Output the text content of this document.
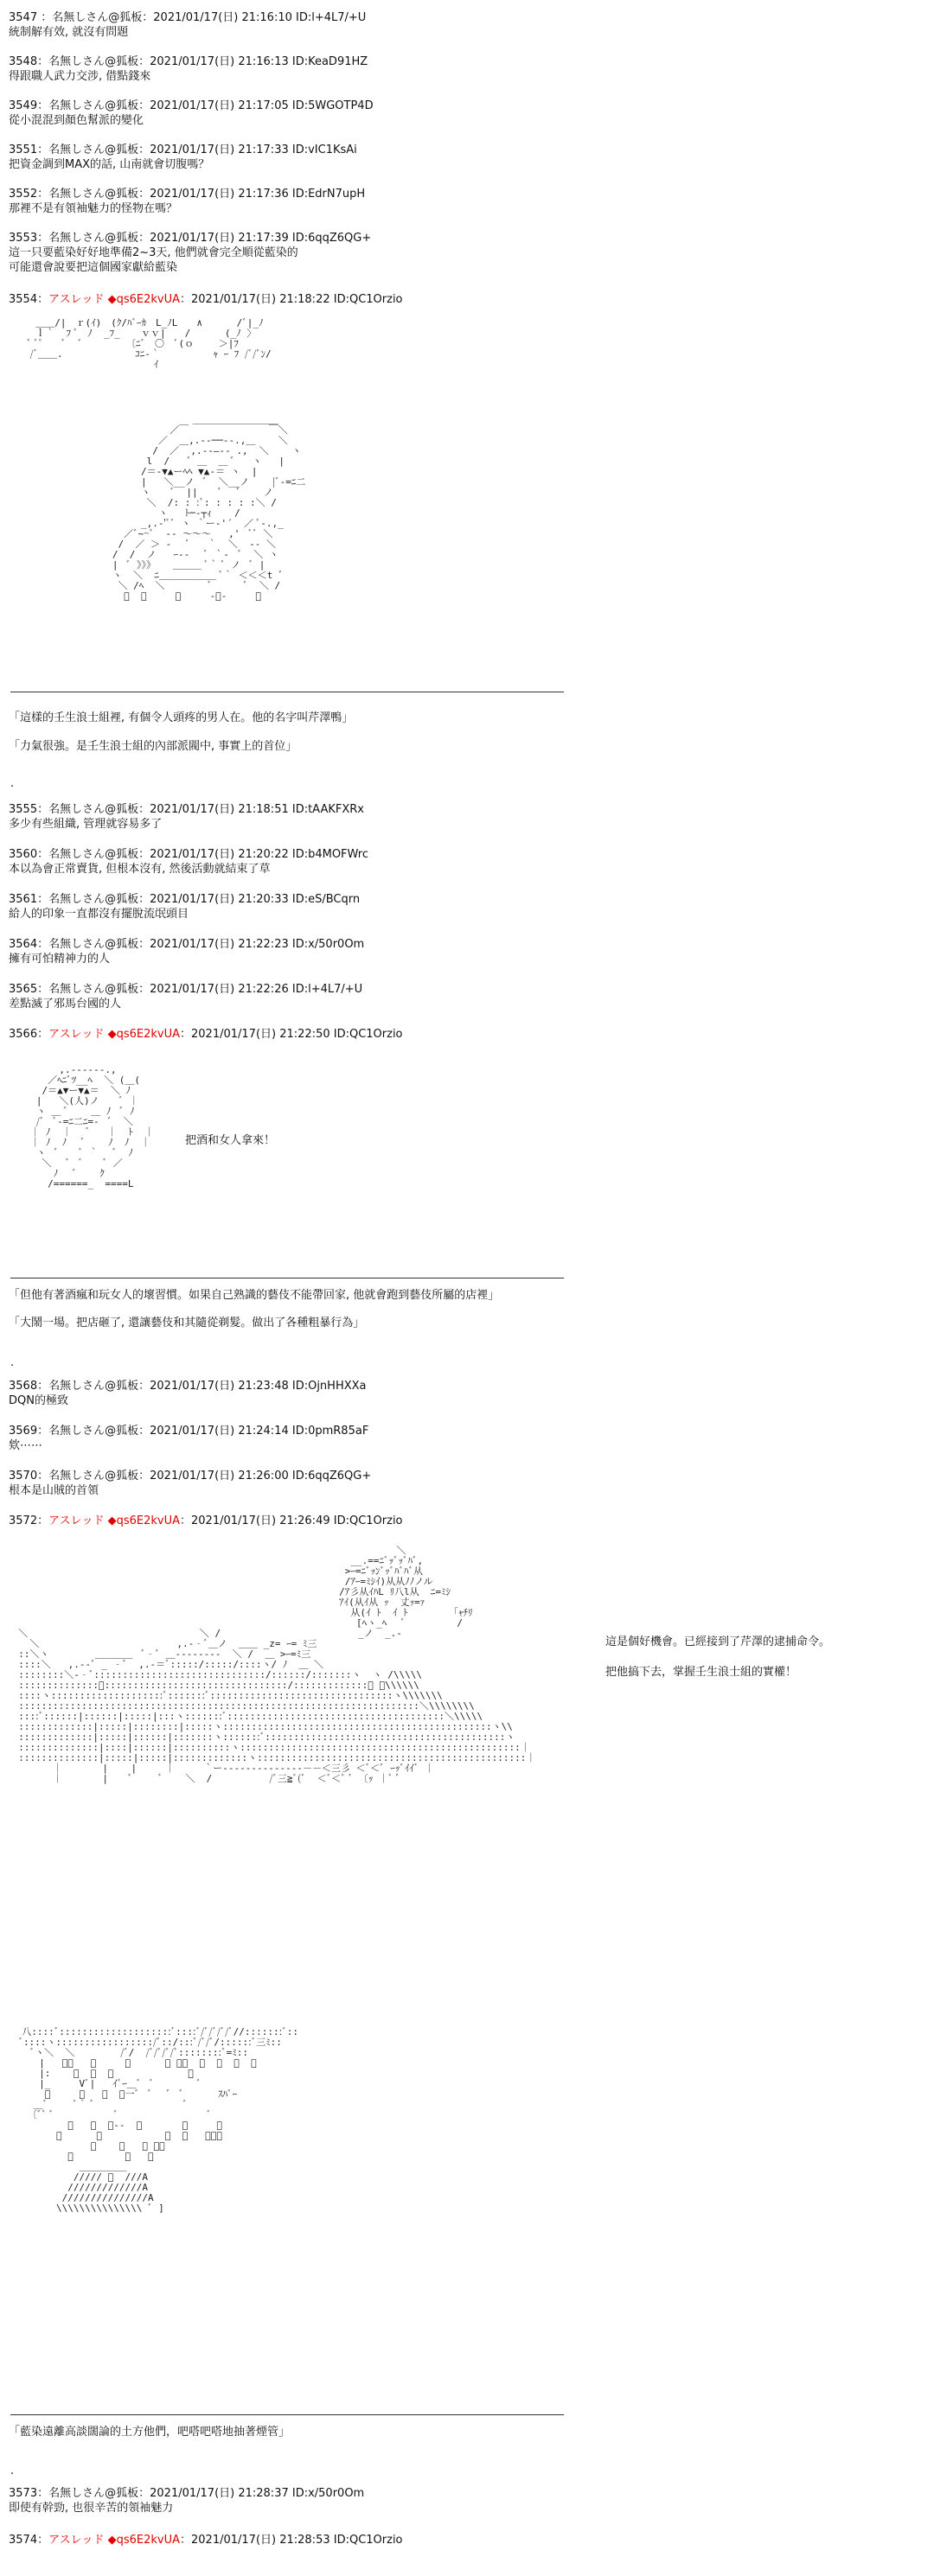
3547 ：名無しさん@狐板：2021/01/17(日) 21:16:10 ID:l+4L7/+U
統制解有效, 就沒有問題
3548：名無しさん@狐板：2021/01/17(日) 21:16:13 ID:KeaD91HZ
得跟職人武力交涉, 借點錢來
3549：名無しさん@狐板：2021/01/17(日) 21:17:05 ID:5WGOTP4D
從小混混到顏色幫派的變化
3551：名無しさん@狐板：2021/01/17(日) 21:17:33 ID:vIC1KsAi
把資金調到MAX的話, 山南就會切腹嗎？
3552：名無しさん@狐板：2021/01/17(日) 21:17:36 ID:EdrN7upH
那裡不是有領袖魅力的怪物在嗎？
3553：名無しさん@狐板：2021/01/17(日) 21:17:39 ID:6qqZ6QG+
這一只要藍染好好地準備2~3天, 他們就會完全順從藍染的
可能還會說要把這個國家獻給藍染
3554：アスレッド ◆qs6E2kvUA：2021/01/17(日) 21:18:22 ID:QC1Orzio
＿＿/|　ｒ(ｲ)　(ｸ/ﾊﾞｰｶ　L_ﾉL　　∧　　 　/ﾞ|_ﾉ
ｌ｀  ﾌ ﾞ　ﾉ  _ﾌ_　  ｖｖ|　　/　　　 (_ﾉ 〉
ﾞ ﾞﾟ 　 ﾞ　 ﾞ　　　　 〔ﾆﾞ　〇　ﾞ(ｏ　　 ＞|ﾌ
/ﾞ＿＿.　　　　　　　 ｺﾆ-｀　　　 　　ｬ ｰ ﾌ /ﾞ/ﾞﾝ/
　　　　　　　　　　　　　 ｲ　　　　　　　　　　　　
＿＿＿＿＿＿＿＿＿
／￣              ￣＼
／  ＿,.-‐──‐-.,＿    ＼
/  ／  ,.--―-- .,  ＼    ヽ
l  /   ﾞ ＿  ＿ ﾞ   ヽ   |
/＝‐▼▲ーﾍﾍ ▼▲‐＝ ヽ  |
|   ＼__ノ  ﾞ  ＼__ノ    |ﾞ‐=ﾆ二
ヽ    ﾞ  ||    ﾞ   ﾞ    ノ
＼  /: : :ﾞ: : : : :＼ /
ヽ   ﾄ─‐┬ｨ    /
_,.-'ﾞﾞ ヽ ｀ー‐'´  ／ ﾞ‐.,_
／ﾞ~~ﾞ  -‐ ～～～   ,'  ﾞﾞ ＼
/  ／ ＞ ‐   ﾞ   ｀  ＼  ‐- ＼
/  /  ノ   ｰ‐-   ﾞ ｀‐  ﾞ  ＼ ヽ
|  ﾞ 》》》   ＿＿＿ ﾞ｀ ﾞ ノ  ﾞ |
ヽ  ＼  ﾆ＿＿＿＿＿＿ ﾞ｀ ＜＜＜t ﾞ
＼ /ﾍ  ＼        ﾞ      ﾞ  ＼ /
ﾞ  ﾞ     ＼     ‐－‐     ﾞ

「這樣的壬生浪士組裡, 有個令人頭疼的男人在。他的名字叫芹澤鴨」
「力氣很強。是壬生浪士組的內部派閥中, 事實上的首位」
.
3555：名無しさん@狐板：2021/01/17(日) 21:18:51 ID:tAAKFXRx
多少有些組織, 管理就容易多了
3560：名無しさん@狐板：2021/01/17(日) 21:20:22 ID:b4MOFWrc
本以為會正常賣貨, 但根本沒有, 然後活動就結束了草
3561：名無しさん@狐板：2021/01/17(日) 21:20:33 ID:eS/BCqrn
給人的印象一直都沒有擺脫流氓頭目
3564：名無しさん@狐板：2021/01/17(日) 21:22:23 ID:x/50r0Om
擁有可怕精神力的人
3565：名無しさん@狐板：2021/01/17(日) 21:22:26 ID:l+4L7/+U
差點滅了邪馬台國的人
3566：アスレッド ◆qs6E2kvUA：2021/01/17(日) 21:22:50 ID:QC1Orzio
,.-‐‐‐‐-.,
／ﾍﾆﾞﾂ__ﾍ  ＼ (＿(
/＝▲▼ー▼▲＝  ＼ ﾉ
|   ＼(人)ノ    ﾞ ｜
ヽ ＿ ﾞ    ＿ ﾉ  ﾞ ﾉ
/ﾞ  ﾞ‐=ﾆ二ﾆ=‐  ﾞ  ＼
｜ ﾉ  ｜   ﾞ   ｜  ﾄ  ｜
｜ ﾉ  ﾉ   ﾞ    ﾉ  ﾉ  ｜
ヽ  ﾞ    ﾞ ｀   ﾞ  ﾉ
＼   ﾞ  ﾞ    ﾞ ／
ﾉ   ﾞ    ｸ
/======_  ====L

把酒和女人拿來！
「但他有著酒瘋和玩女人的壞習慣。如果自己熟識的藝伎不能帶回家, 他就會跑到藝伎所屬的店裡」
「大鬧一場。把店砸了, 還讓藝伎和其隨從剃髮。做出了各種粗暴行為」
.
3568：名無しさん@狐板：2021/01/17(日) 21:23:48 ID:OjnHHXXa
DQN的極致
3569：名無しさん@狐板：2021/01/17(日) 21:24:14 ID:0pmR85aF
欸⋯⋯
3570：名無しさん@狐板：2021/01/17(日) 21:26:00 ID:6qqZ6QG+
根本是山賊的首領
3572：アスレッド ◆qs6E2kvUA：2021/01/17(日) 21:26:49 ID:QC1Orzio
＼
__.==ﾆﾞｯﾞｯﾞﾊﾞ,
>ｰ=ﾆﾞｯﾝﾞｯﾞﾊﾞﾊﾞ从
/ｱｰ=ﾐｼｲ)从从ﾉﾉノル
/ｱ彡从ｲﾊL ﾘ八l从  ﾆ=ﾐｼ
ｱｲ(从ｲ从 ｯ  丈ｯ=ｧ
从(ｲ ﾄ  ｲ ﾄ        ｢ｬﾁﾘ
[ﾍヽ_ﾍ   ﾞ         /
＼                              ＼ /                        _ノ  _.-
＼                        ,.-‐ﾞ＿ノ  ＿＿ _z= ｰ= ﾐ三
::＼ヽ        ＿＿＿＿  ﾞ‐ﾞ ＿‐‐‐‐‐‐‐‐  ＼ /  ＿ >ｰ=ﾐ三
::::＼   ,.-‐ﾞ _ ‐ﾞ  ,.-＝ﾞ:::::/:::::/::::ヽ/ ﾉ  ＿ ＼
::::::::＼-‐ﾞ::::::::::::::::::::::::::::::/::::::/:::::::ヽ  ヽ /\\\\\
::::::::::::::ﾞ::::::::::::::::::::::::::::::::/:::::::::::::＼ ｜\\\\\\
::::ヽ::::::::::::::::::::ﾞ:::::::ﾞ::::::::::::::::::::::::::::::::ヽ\\\\\\\
::::::::::::::::::::::::::::::::::::::::::::::::::::::::::::::::::::::＼\\\\\\\\
::::ﾞ::::::|::::::|:::::|:::ヽ:::::::ﾞ::::::::::::::::::::::::::::::::::::::＼\\\\\
:::::::::::::|:::::|::::::::|:::::ヽ:::::::::::::::::::::::::::::::::::::::::::::::ヽ\\
:::::::::::::|:::::|::::::|:::::::ヽ:::::::ﾞ::::::::::::::::::::::::::::::::::::::::::ヽ
::::::::::::::|::::|::::::|::::::::::ヽ:::::::::::::::::::::::::::::::::::::::::::::::::｜
::::::::::::::|:::::|:::::|:::::::::::::ヽ:::::::::::::::::::::::::::::::::::::::::::::::｜
｜       |    |     ｜     ｀ー‐--‐---‐--‐‐‐‐－－＜三彡 ＜ﾞ＜ﾞ ｰｯﾞｲｲﾞ ｜
｜       |    ﾞ     ﾞ    ＼  /          /ﾞ三≧ﾞ(ﾞ  ＜ﾞ＜ﾞ ﾞ 〔ｯ ｜ﾞ ﾞ

這是個好機會。已經接到了芹澤的逮捕命令。
把他搞下去，掌握壬生浪士組的實權！
八::::ﾞ::::::::::::::::::::ﾞ::::ﾞ/ﾞ/ﾞ/ﾞ/ﾞ//:::::::ﾞ::
ﾞ::::ヽ:::::::::::::::::/ﾞ::/:::ﾞ/ﾞ/ﾞ/::::::ﾞ三ﾐ::
ﾞヽ＼  ＼        /ﾞ/  /ﾞ/ﾞ/ﾞ/ﾞ::::::::ﾞ=ﾐ::
|   ﾞ＼   ＼     ﾞ      ﾞ ﾞﾞ  ﾞ  ﾞ  ﾞ  ﾞ
|:    ﾞ  ﾞ  ﾞ             ﾞ
|_     Vﾞ|   ｲﾞｰ＿ﾞ  ﾞ        ﾞ
ﾞ     ﾞ   ﾞ  ｰ一ﾞ  ﾞ   ﾞ  ﾞ      ｽﾊﾟｰ
＿ﾞ     ﾞ｀ ﾞ                ﾞ
〔ﾞﾞ ﾞ           ﾞ                ﾞ
ﾞ   ﾞ  ｰ‐‐  ﾞ       ﾞ     ﾞ
ﾞ      ﾞ           ﾞ  ﾞ   ﾞ＜＞
ﾞ    ﾞ   ﾞ ＜＞
ﾞ         ﾞ   ﾞ
＿＿＿＿＿
///// ﾞ  ///A
/////////////A
///////////////A
\\\\\\\\\\\\\\\ ﾞ ]

「藍染遠離高談闊論的土方他們，吧嗒吧嗒地抽著煙管」
.
3573：名無しさん@狐板：2021/01/17(日) 21:28:37 ID:x/50r0Om
即使有幹勁, 也很辛苦的領袖魅力
3574：アスレッド ◆qs6E2kvUA：2021/01/17(日) 21:28:53 ID:QC1Orzio
